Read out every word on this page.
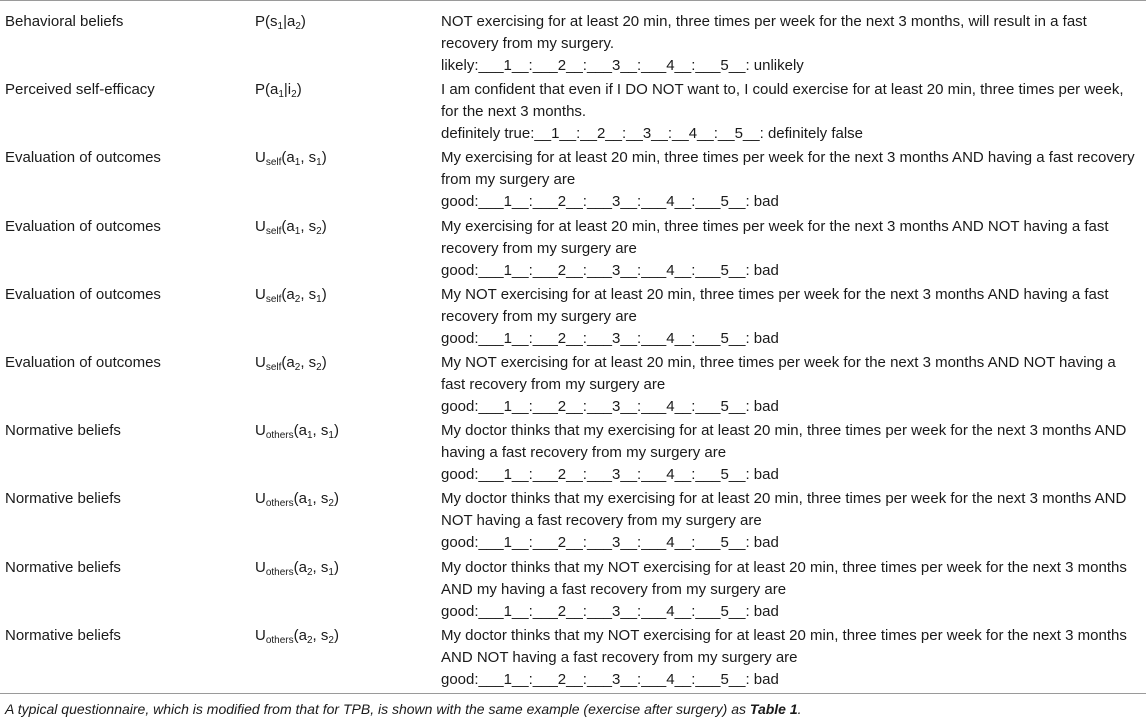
Behavioral beliefs	$P(s_1|a_2)$	NOT exercising for at least 20 min, three times per week for the next 3 months, will result in a fast
recovery from my surgery.
likely:___1__:___2__:___3__:___4__:___5__: unlikely
Perceived self-efficacy	$P(a_1|i_2)$	I am confident that even if I DO NOT want to, I could exercise for at least 20 min, three times per week,
for the next 3 months.
definitely true:__1__:__2__:__3__:__4__:__5__: definitely false
Evaluation of outcomes	$U_{self}(a_1$, $s_1$)	My exercising for at least 20 min, three times per week for the next 3 months AND having a fast recovery
from my surgery are
good:___1__:___2__:___3__:___4__:___5__: bad
Evaluation of outcomes	$U_{self}(a_1$, $s_2$)	My exercising for at least 20 min, three times per week for the next 3 months AND NOT having a fast
recovery from my surgery are
good:___1__:___2__:___3__:___4__:___5__: bad
Evaluation of outcomes	$U_{self}(a_2$, $s_1$)	My NOT exercising for at least 20 min, three times per week for the next 3 months AND having a fast
recovery from my surgery are
good:___1__:___2__:___3__:___4__:___5__: bad
Evaluation of outcomes	$U_{self}(a_2$, $s_2$)	My NOT exercising for at least 20 min, three times per week for the next 3 months AND NOT having a
fast recovery from my surgery are
good:___1__:___2__:___3__:___4__:___5__: bad
Normative beliefs	$U_{others}(a_1$, $s_1$)	My doctor thinks that my exercising for at least 20 min, three times per week for the next 3 months AND
having a fast recovery from my surgery are
good:___1__:___2__:___3__:___4__:___5__: bad
Normative beliefs	$U_{others}(a_1$, $s_2$)	My doctor thinks that my exercising for at least 20 min, three times per week for the next 3 months AND
NOT having a fast recovery from my surgery are
good:___1__:___2__:___3__:___4__:___5__: bad
Normative beliefs	$U_{others}(a_2$, $s_1$)	My doctor thinks that my NOT exercising for at least 20 min, three times per week for the next 3 months
AND my having a fast recovery from my surgery are
good:___1__:___2__:___3__:___4__:___5__: bad
Normative beliefs	$U_{others}(a_2$, $s_2$)	My doctor thinks that my NOT exercising for at least 20 min, three times per week for the next 3 months
AND NOT having a fast recovery from my surgery are
good:___1__:___2__:___3__:___4__:___5__: bad
A typical questionnaire, which is modified from that for TPB, is shown with the same example (exercise after surgery) as Table 1.
